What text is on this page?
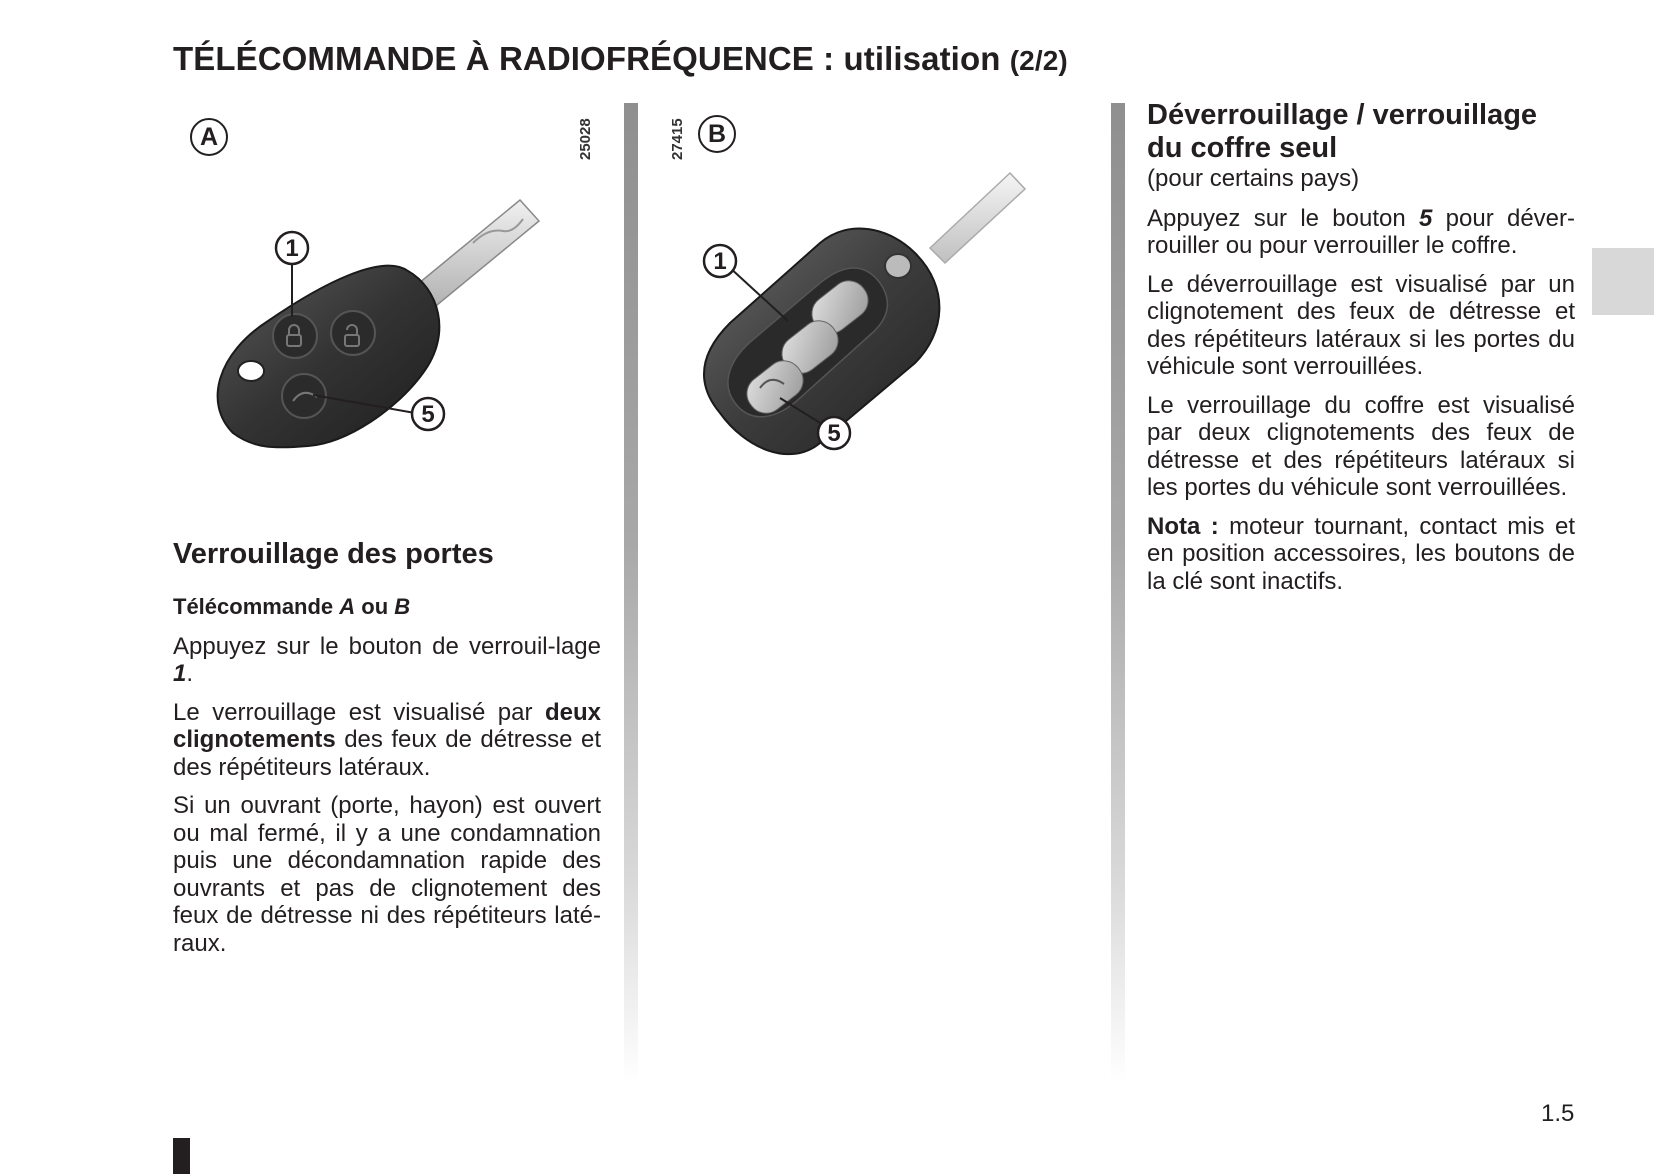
TÉLÉCOMMANDE À RADIOFRÉQUENCE : utilisation (2/2)
A	25028
1
5
27415 B
1
5
Verrouillage des portes
Télécommande A ou B

Appuyez sur le bouton de verrouil-lage 1.

Le verrouillage est visualisé par deux clignotements des feux de détresse et des répétiteurs latéraux.

Si un ouvrant (porte, hayon) est ouvert ou mal fermé, il y a une condamnation puis une décondamnation rapide des ouvrants et pas de clignotement des feux de détresse ni des répétiteurs laté-raux.

Déverrouillage / verrouillage du coffre seul

(pour certains pays)

Appuyez sur le bouton 5 pour déver-rouiller ou pour verrouiller le coffre.

Le déverrouillage est visualisé par un clignotement des feux de détresse et des répétiteurs latéraux si les portes du véhicule sont verrouillées.

Le verrouillage du coffre est visualisé par deux clignotements des feux de détresse et des répétiteurs latéraux si les portes du véhicule sont verrouillées.

Nota : moteur tournant, contact mis et en position accessoires, les boutons de la clé sont inactifs.

1.5
